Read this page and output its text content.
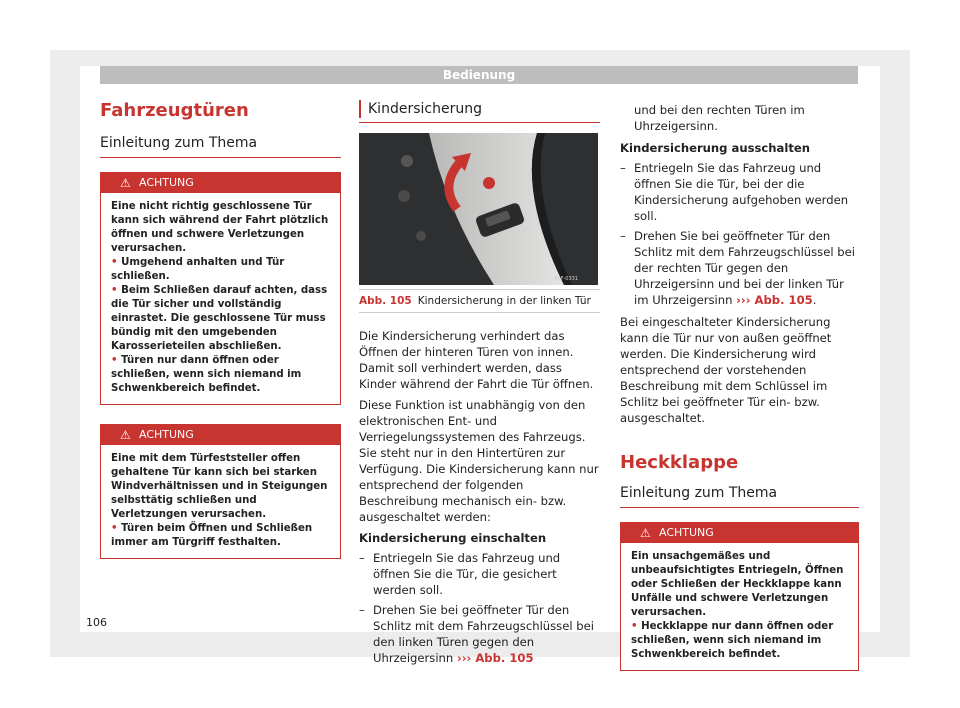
Bedienung
Fahrzeugtüren
Einleitung zum Thema
⚠ ACHTUNG

Eine nicht richtig geschlossene Tür kann sich während der Fahrt plötzlich öffnen und schwere Verletzungen verursachen.

• Umgehend anhalten und Tür schließen.

• Beim Schließen darauf achten, dass die Tür sicher und vollständig einrastet. Die geschlossene Tür muss bündig mit den umgebenden Karosserieteilen abschließen.

• Türen nur dann öffnen oder schließen, wenn sich niemand im Schwenkbereich befindet.

⚠ ACHTUNG

Eine mit dem Türfeststeller offen gehaltene Tür kann sich bei starken Windverhältnissen und in Steigungen selbsttätig schließen und Verletzungen verursachen.

• Türen beim Öffnen und Schließen immer am Türgriff festhalten.

Kindersicherung
B5F-0331
Abb. 105 Kindersicherung in der linken Tür

Die Kindersicherung verhindert das Öffnen der hinteren Türen von innen. Damit soll verhindert werden, dass Kinder während der Fahrt die Tür öffnen.

Diese Funktion ist unabhängig von den elektronischen Ent- und Verriegelungssystemen des Fahrzeugs. Sie steht nur in den Hintertüren zur Verfügung. Die Kindersicherung kann nur entsprechend der folgenden Beschreibung mechanisch ein- bzw. ausgeschaltet werden:

Kindersicherung einschalten

– Entriegeln Sie das Fahrzeug und öffnen Sie die Tür, die gesichert werden soll.

– Drehen Sie bei geöffneter Tür den Schlitz mit dem Fahrzeugschlüssel bei den linken Türen gegen den Uhrzeigersinn ››› Abb. 105

und bei den rechten Türen im Uhrzeigersinn.

Kindersicherung ausschalten

– Entriegeln Sie das Fahrzeug und öffnen Sie die Tür, bei der die Kindersicherung aufgehoben werden soll.

– Drehen Sie bei geöffneter Tür den Schlitz mit dem Fahrzeugschlüssel bei der rechten Tür gegen den Uhrzeigersinn und bei der linken Tür im Uhrzeigersinn ››› Abb. 105.

Bei eingeschalteter Kindersicherung kann die Tür nur von außen geöffnet werden. Die Kindersicherung wird entsprechend der vorstehenden Beschreibung mit dem Schlüssel im Schlitz bei geöffneter Tür ein- bzw. ausgeschaltet.

Heckklappe
Einleitung zum Thema
⚠ ACHTUNG

Ein unsachgemäßes und unbeaufsichtigtes Entriegeln, Öffnen oder Schließen der Heckklappe kann Unfälle und schwere Verletzungen verursachen.

• Heckklappe nur dann öffnen oder schließen, wenn sich niemand im Schwenkbereich befindet.

106
